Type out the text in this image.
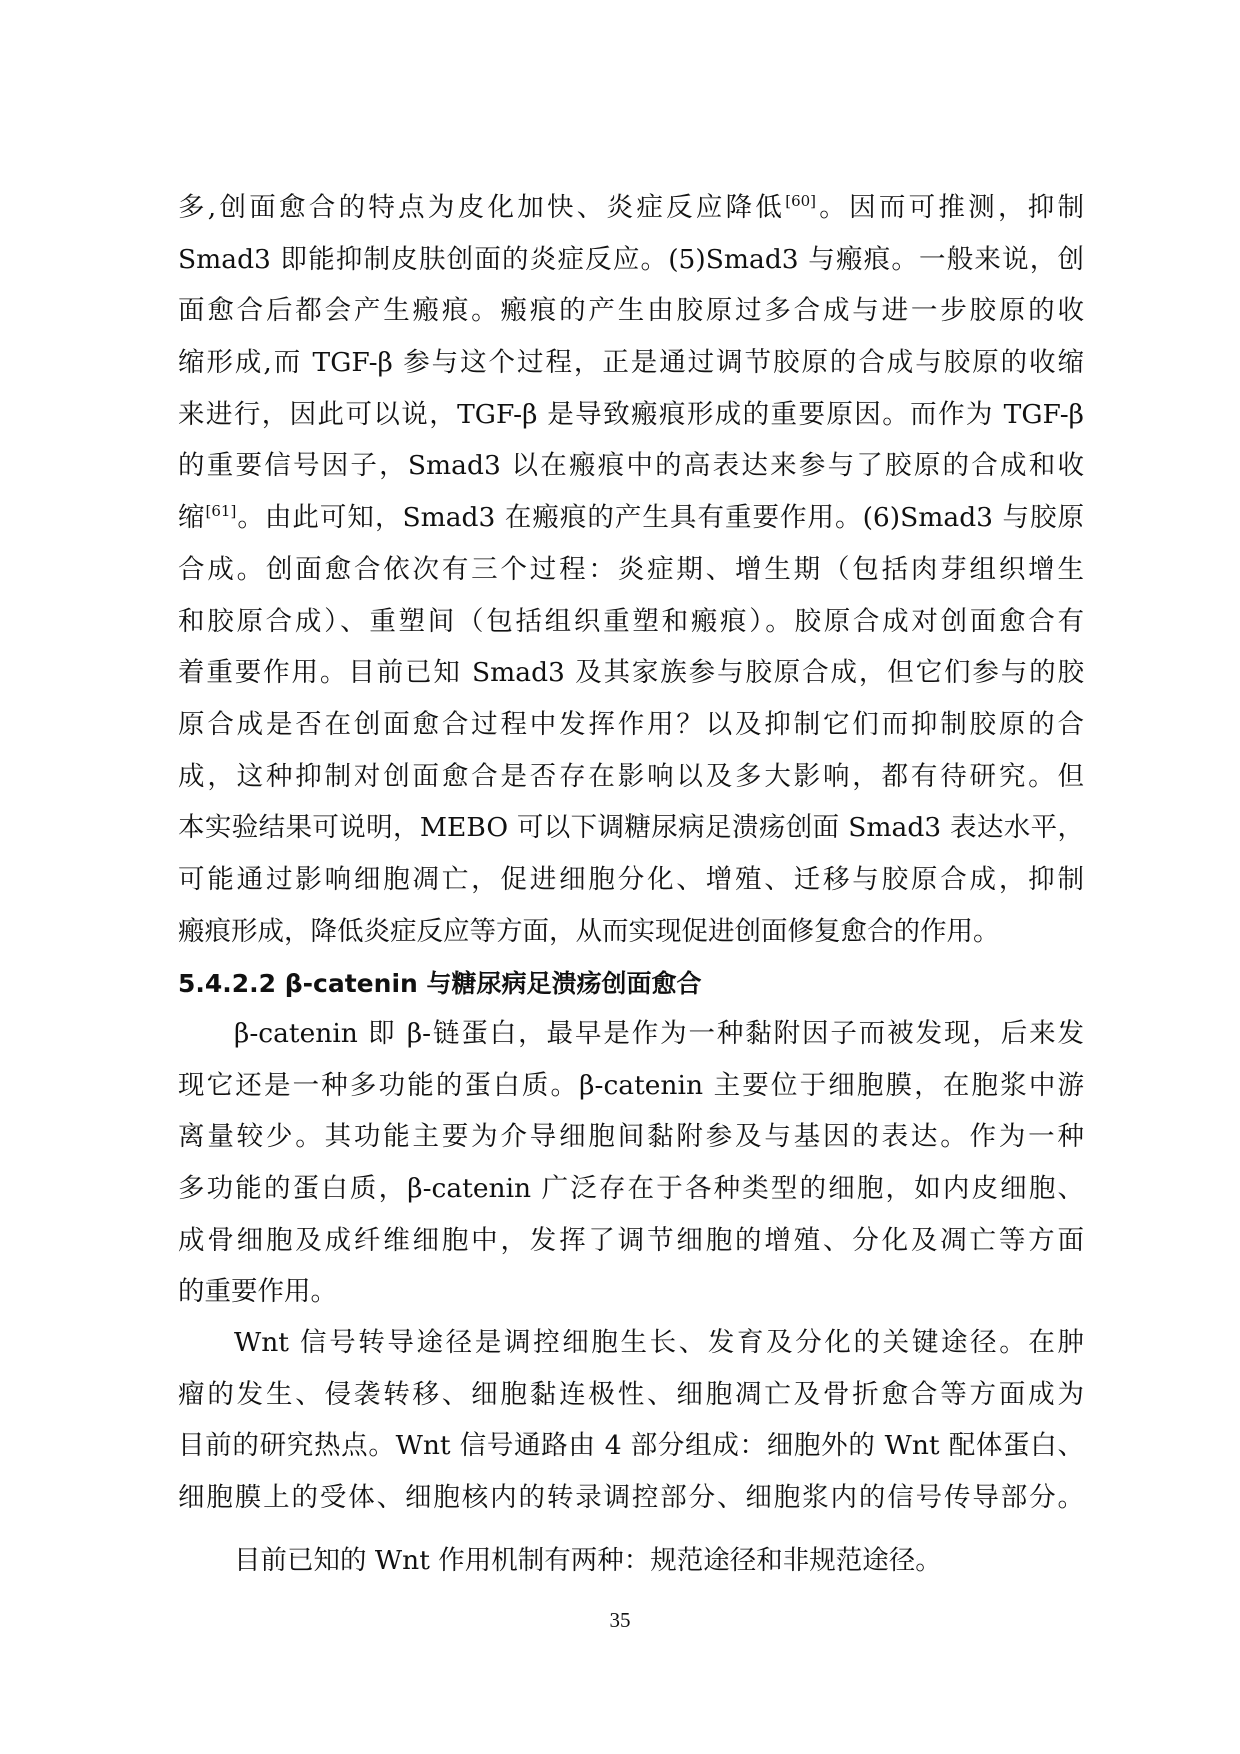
多,创面愈合的特点为皮化加快、炎症反应降低[60]。因而可推测，抑制
Smad3 即能抑制皮肤创面的炎症反应。(5)Smad3 与瘢痕。一般来说，创
面愈合后都会产生瘢痕。瘢痕的产生由胶原过多合成与进一步胶原的收
缩形成,而 TGF-β 参与这个过程，正是通过调节胶原的合成与胶原的收缩
来进行，因此可以说，TGF-β 是导致瘢痕形成的重要原因。而作为 TGF-β
的重要信号因子，Smad3 以在瘢痕中的高表达来参与了胶原的合成和收
缩[61]。由此可知，Smad3 在瘢痕的产生具有重要作用。(6)Smad3 与胶原
合成。创面愈合依次有三个过程：炎症期、增生期（包括肉芽组织增生
和胶原合成）、重塑间（包括组织重塑和瘢痕）。胶原合成对创面愈合有
着重要作用。目前已知 Smad3 及其家族参与胶原合成，但它们参与的胶
原合成是否在创面愈合过程中发挥作用？以及抑制它们而抑制胶原的合
成，这种抑制对创面愈合是否存在影响以及多大影响，都有待研究。但
本实验结果可说明，MEBO 可以下调糖尿病足溃疡创面 Smad3 表达水平，
可能通过影响细胞凋亡，促进细胞分化、增殖、迁移与胶原合成，抑制
瘢痕形成，降低炎症反应等方面，从而实现促进创面修复愈合的作用。
5.4.2.2 β-catenin 与糖尿病足溃疡创面愈合
β-catenin 即 β-链蛋白，最早是作为一种黏附因子而被发现，后来发
现它还是一种多功能的蛋白质。β-catenin 主要位于细胞膜，在胞浆中游
离量较少。其功能主要为介导细胞间黏附参及与基因的表达。作为一种
多功能的蛋白质，β-catenin 广泛存在于各种类型的细胞，如内皮细胞、
成骨细胞及成纤维细胞中，发挥了调节细胞的增殖、分化及凋亡等方面
的重要作用。
Wnt 信号转导途径是调控细胞生长、发育及分化的关键途径。在肿
瘤的发生、侵袭转移、细胞黏连极性、细胞凋亡及骨折愈合等方面成为
目前的研究热点。Wnt 信号通路由 4 部分组成：细胞外的 Wnt 配体蛋白、
细胞膜上的受体、细胞核内的转录调控部分、细胞浆内的信号传导部分。
目前已知的 Wnt 作用机制有两种：规范途径和非规范途径。
35
